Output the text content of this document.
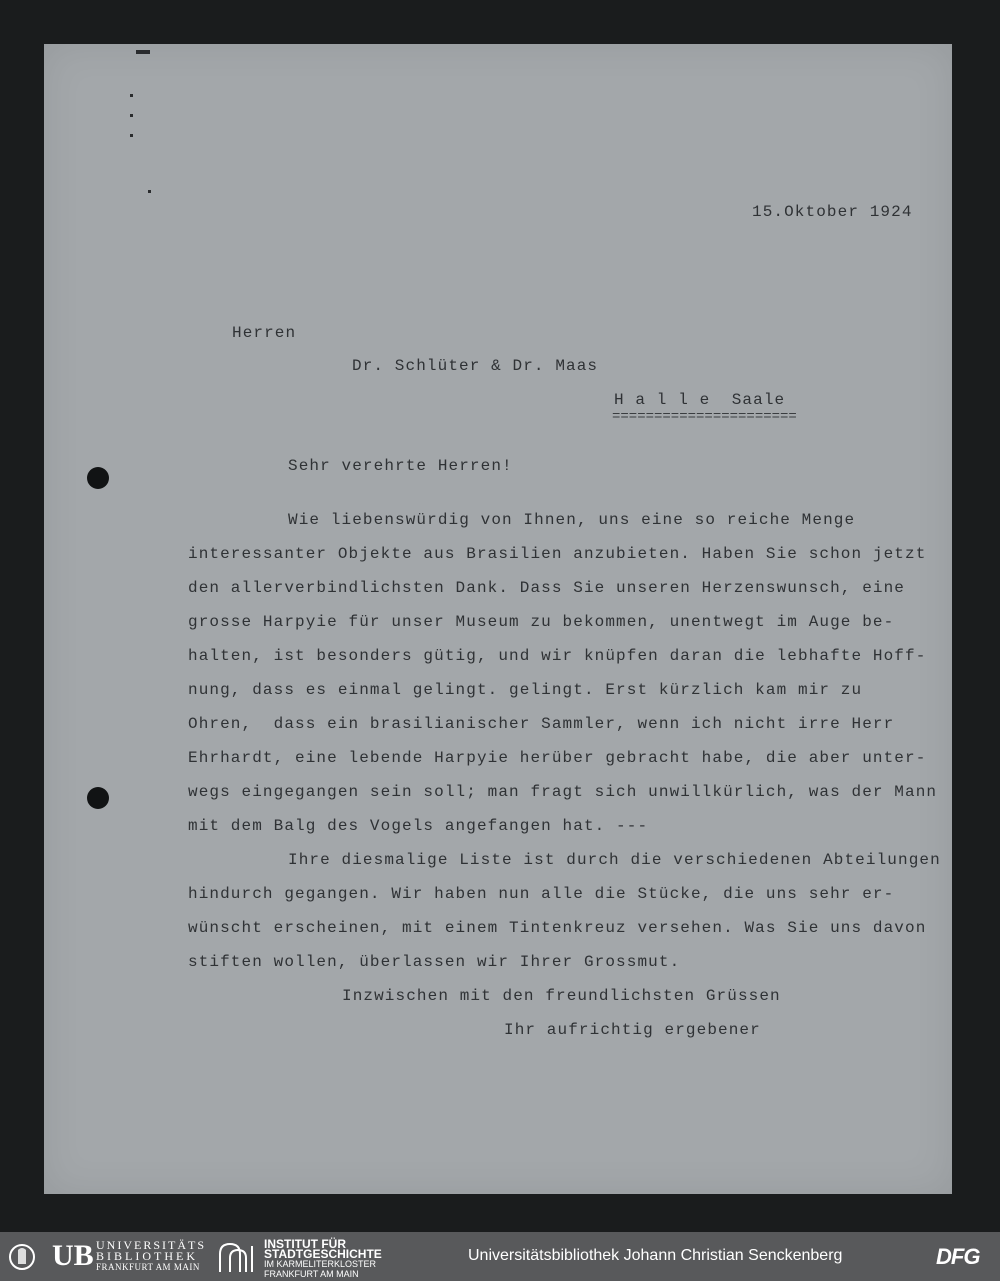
15.Oktober 1924
Herren
Dr. Schlüter & Dr. Maas
H a l l e  Saale
======================
Sehr verehrte Herren!
Wie liebenswürdig von Ihnen, uns eine so reiche Menge
interessanter Objekte aus Brasilien anzubieten. Haben Sie schon jetzt
den allerverbindlichsten Dank. Dass Sie unseren Herzenswunsch, eine
grosse Harpyie für unser Museum zu bekommen, unentwegt im Auge be-
halten, ist besonders gütig, und wir knüpfen daran die lebhafte Hoff-
nung, dass es einmal gelingt. gelingt. Erst kürzlich kam mir zu
Ohren,  dass ein brasilianischer Sammler, wenn ich nicht irre Herr
Ehrhardt, eine lebende Harpyie herüber gebracht habe, die aber unter-
wegs eingegangen sein soll; man fragt sich unwillkürlich, was der Mann
mit dem Balg des Vogels angefangen hat. ---
Ihre diesmalige Liste ist durch die verschiedenen Abteilungen
hindurch gegangen. Wir haben nun alle die Stücke, die uns sehr er-
wünscht erscheinen, mit einem Tintenkreuz versehen. Was Sie uns davon
stiften wollen, überlassen wir Ihrer Grossmut.
Inzwischen mit den freundlichsten Grüssen
Ihr aufrichtig ergebener
UB UNIVERSITÄTS
BIBLIOTHEK
FRANKFURT AM MAIN
INSTITUT FÜR
STADTGESCHICHTE
IM KARMELITERKLOSTER
FRANKFURT AM MAIN
Universitätsbibliothek Johann Christian Senckenberg	DFG
